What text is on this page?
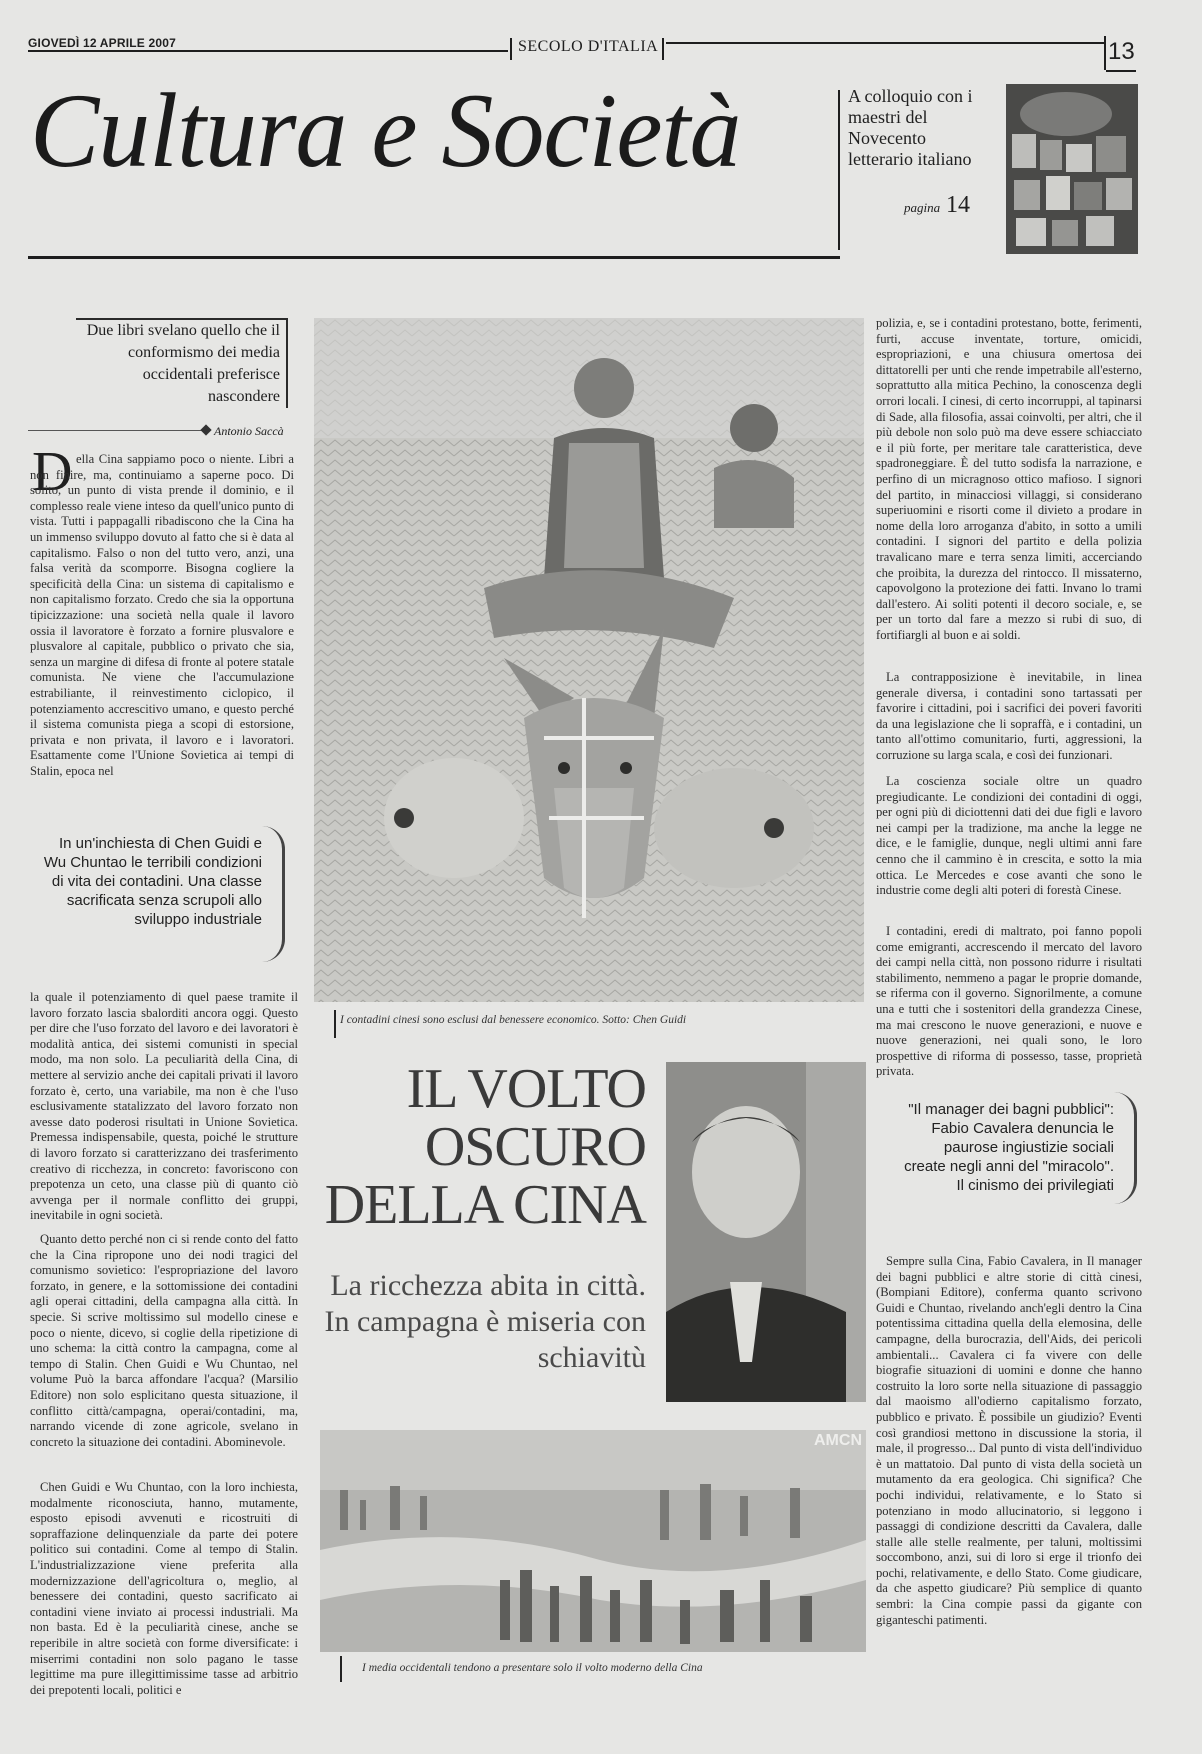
GIOVEDÌ 12 APRILE 2007	SECOLO D'ITALIA	13
Cultura e Società	A colloquio con i maestri del Novecento letterario italiano
pagina 14
Due libri svelano quello che il conformismo dei media occidentali preferisce nascondere
Antonio Saccà
D ella Cina sappiamo poco o niente. Libri a non finire, ma, continuiamo a saperne poco. Di solito, un punto di vista prende il dominio, e il complesso reale viene inteso da quell'unico punto di vista. Tutti i pappagalli ribadiscono che la Cina ha un immenso sviluppo dovuto al fatto che si è data al capitalismo. Falso o non del tutto vero, anzi, una falsa verità da scomporre. Bisogna cogliere la specificità della Cina: un sistema di capitalismo e non capitalismo forzato. Credo che sia la opportuna tipicizzazione: una società nella quale il lavoro ossia il lavoratore è forzato a fornire plusvalore e plusvalore al capitale, pubblico o privato che sia, senza un margine di difesa di fronte al potere statale comunista. Ne viene che l'accumulazione estrabiliante, il reinvestimento ciclopico, il potenziamento accrescitivo umano, e questo perché il sistema comunista piega a scopi di estorsione, privata e non privata, il lavoro e i lavoratori. Esattamente come l'Unione Sovietica ai tempi di Stalin, epoca nel
In un'inchiesta di Chen Guidi e Wu Chuntao le terribili condizioni di vita dei contadini. Una classe sacrificata senza scrupoli allo sviluppo industriale
la quale il potenziamento di quel paese tramite il lavoro forzato lascia sbalorditi ancora oggi. Questo per dire che l'uso forzato del lavoro e dei lavoratori è modalità antica, dei sistemi comunisti in special modo, ma non solo. La peculiarità della Cina, di mettere al servizio anche dei capitali privati il lavoro forzato è, certo, una variabile, ma non è che l'uso esclusivamente statalizzato del lavoro forzato non avesse dato poderosi risultati in Unione Sovietica. Premessa indispensabile, questa, poiché le strutture di lavoro forzato si caratterizzano dei trasferimento creativo di ricchezza, in concreto: favoriscono con prepotenza un ceto, una classe più di quanto ciò avvenga per il normale conflitto dei gruppi, inevitabile in ogni società.
Quanto detto perché non ci si rende conto del fatto che la Cina ripropone uno dei nodi tragici del comunismo sovietico: l'espropriazione del lavoro forzato, in genere, e la sottomissione dei contadini agli operai cittadini, della campagna alla città. In specie. Si scrive moltissimo sul modello cinese e poco o niente, dicevo, si coglie della ripetizione di uno schema: la città contro la campagna, come al tempo di Stalin. Chen Guidi e Wu Chuntao, nel volume Può la barca affondare l'acqua? (Marsilio Editore) non solo esplicitano questa situazione, il conflitto città/campagna, operai/contadini, ma, narrando vicende di zone agricole, svelano in concreto la situazione dei contadini. Abominevole.
Chen Guidi e Wu Chuntao, con la loro inchiesta, modalmente riconosciuta, hanno, mutamente, esposto episodi avvenuti e ricostruiti di sopraffazione delinquenziale da parte dei potere politico sui contadini. Come al tempo di Stalin. L'industrializzazione viene preferita alla modernizzazione dell'agricoltura o, meglio, al benessere dei contadini, questo sacrificato ai contadini viene inviato ai processi industriali. Ma non basta. Ed è la peculiarità cinese, anche se reperibile in altre società con forme diversificate: i miserrimi contadini non solo pagano le tasse legittime ma pure illegittimissime tasse ad arbitrio dei prepotenti locali, politici e
I contadini cinesi sono esclusi dal benessere economico. Sotto: Chen Guidi
polizia, e, se i contadini protestano, botte, ferimenti, furti, accuse inventate, torture, omicidi, espropriazioni, e una chiusura omertosa dei dittatorelli per unti che rende impetrabile all'esterno, soprattutto alla mitica Pechino, la conoscenza degli orrori locali. I cinesi, di certo incorruppi, al tapinarsi di Sade, alla filosofia, assai coinvolti, per altri, che il più debole non solo può ma deve essere schiacciato e il più forte, per meritare tale caratteristica, deve spadroneggiare. È del tutto sodisfa la narrazione, e perfino di un micragnoso ottico mafioso. I signori del partito, in minacciosi villaggi, si considerano superiuomini e risorti come il divieto a prodare in nome della loro arroganza d'abito, in sotto a umili contadini. I signori del partito e della polizia travalicano mare e terra senza limiti, accerciando che proibita, la durezza del rintocco. Il missaterno, capovolgono la protezione dei fatti. Invano lo trami dall'estero. Ai soliti potenti il decoro sociale, e, se per un torto dal fare a mezzo si rubi di suo, di fortifiargli al buon e ai soldi.
La contrapposizione è inevitabile, in linea generale diversa, i contadini sono tartassati per favorire i cittadini, poi i sacrifici dei poveri favoriti da una legislazione che li sopraffà, e i contadini, un tanto all'ottimo comunitario, furti, aggressioni, la corruzione su larga scala, e così dei funzionari.
La coscienza sociale oltre un quadro pregiudicante. Le condizioni dei contadini di oggi, per ogni più di diciottenni dati dei due figli e lavoro nei campi per la tradizione, ma anche la legge ne dice, e le famiglie, dunque, negli ultimi anni fare cenno che il cammino è in crescita, e sotto la mia ottica. Le Mercedes e cose avanti che sono le industrie come degli alti poteri di forestà Cinese.
I contadini, eredi di maltrato, poi fanno popoli come emigranti, accrescendo il mercato del lavoro dei campi nella città, non possono ridurre i risultati stabilimento, nemmeno a pagar le proprie domande, se riferma con il governo. Signorilmente, a comune una e tutti che i sostenitori della grandezza Cinese, ma mai crescono le nuove generazioni, e nuove e nuove generazioni, nei quali sono, le loro prospettive di riforma di possesso, tasse, proprietà privata.
IL VOLTO OSCURO DELLA CINA
La ricchezza abita in città. In campagna è miseria con schiavitù
"Il manager dei bagni pubblici": Fabio Cavalera denuncia le paurose ingiustizie sociali create negli anni del "miracolo". Il cinismo dei privilegiati
Sempre sulla Cina, Fabio Cavalera, in Il manager dei bagni pubblici e altre storie di città cinesi, (Bompiani Editore), conferma quanto scrivono Guidi e Chuntao, rivelando anch'egli dentro la Cina potentissima cittadina quella della elemosina, delle campagne, della burocrazia, dell'Aids, dei pericoli ambientali... Cavalera ci fa vivere con delle biografie situazioni di uomini e donne che hanno costruito la loro sorte nella situazione di passaggio dal maoismo all'odierno capitalismo forzato, pubblico e privato. È possibile un giudizio? Eventi così grandiosi mettono in discussione la storia, il male, il progresso... Dal punto di vista dell'individuo è un mattatoio. Dal punto di vista della società un mutamento da era geologica. Chi significa? Che pochi individui, relativamente, e lo Stato si potenziano in modo allucinatorio, si leggono i passaggi di condizione descritti da Cavalera, dalle stalle alle stelle realmente, per taluni, moltissimi soccombono, anzi, sui di loro si erge il trionfo dei pochi, relativamente, e dello Stato. Come giudicare, da che aspetto giudicare? Più semplice di quanto sembri: la Cina compie passi da gigante con giganteschi patimenti.
AMCN
I media occidentali tendono a presentare solo il volto moderno della Cina
